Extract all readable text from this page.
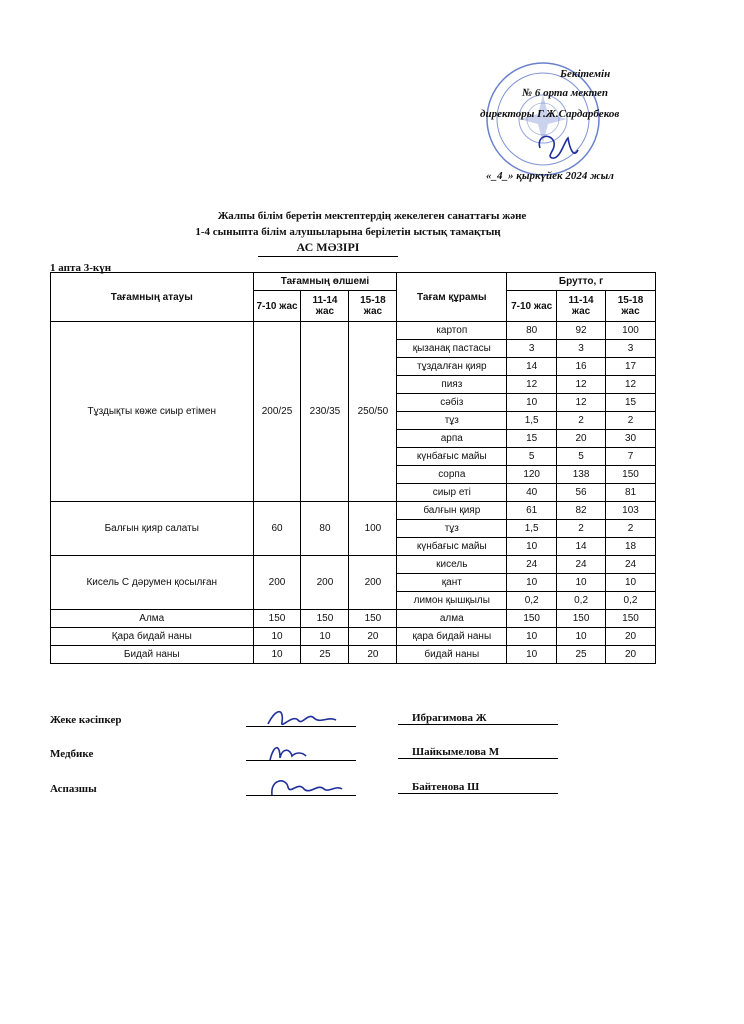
Бекітемін
№ 6 орта мектеп
директоры Г.Ж.Сардарбеков
«_4_» қыркүйек 2024 жыл
Жалпы білім беретін мектептердің жекелеген санаттағы және
1-4 сыныпта білім алушыларына берілетін ыстық тамақтың
АС МӘЗІРІ
1 апта 3-күн
Тағамның атауы	Тағамның өлшемі			Тағам құрамы	Брутто, г		
	7-10 жас	11-14 жас	15-18 жас		7-10 жас	11-14 жас	15-18 жас
Тұздықты көже сиыр етімен	200/25	230/35	250/50	картоп	80	92	100
				қызанақ пастасы	3	3	3
				тұздалған қияр	14	16	17
				пияз	12	12	12
				сәбіз	10	12	15
				тұз	1,5	2	2
				арпа	15	20	30
				күнбағыс майы	5	5	7
				сорпа	120	138	150
				сиыр еті	40	56	81
Балғын қияр салаты	60	80	100	балғын қияр	61	82	103
				тұз	1,5	2	2
				күнбағыс майы	10	14	18
Кисель С дәрумен қосылған	200	200	200	кисель	24	24	24
				қант	10	10	10
				лимон қышқылы	0,2	0,2	0,2
Алма	150	150	150	алма	150	150	150
Қара бидай наны	10	10	20	қара бидай наны	10	10	20
Бидай наны	10	25	20	бидай наны	10	25	20
Жеке кәсіпкер	Ибрагимова Ж
Медбике	Шайкымелова М
Аспазшы	Байтенова Ш
